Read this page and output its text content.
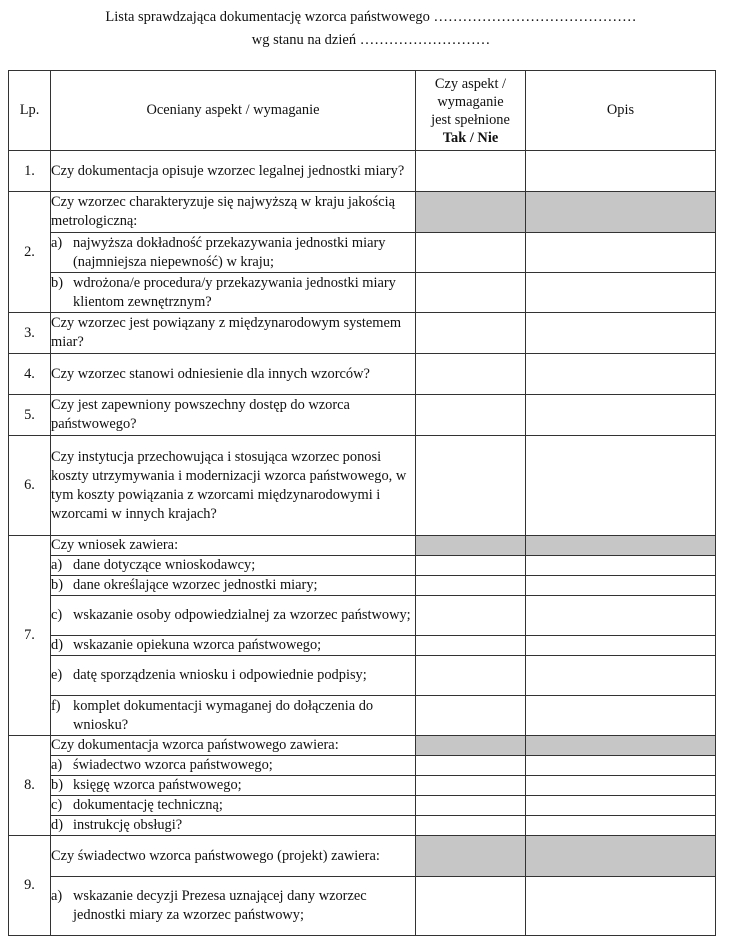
Lista sprawdzająca dokumentację wzorca państwowego ……………………………………
wg stanu na dzień ………………………
Lp.	Oceniany aspekt / wymaganie	Czy aspekt /
wymaganie
jest spełnione
Tak / Nie	Opis
1.	Czy dokumentacja opisuje wzorzec legalnej jednostki miary?		
2.	Czy wzorzec charakteryzuje się najwyższą w kraju jakością metrologiczną:		

	a) najwyższa dokładność przekazywania jednostki miary (najmniejsza niepewność) w kraju;		

	b) wdrożona/e procedura/y przekazywania jednostki miary klientom zewnętrznym?		

3.	Czy wzorzec jest powiązany z międzynarodowym systemem miar?		
4.	Czy wzorzec stanowi odniesienie dla innych wzorców?		
5.	Czy jest zapewniony powszechny dostęp do wzorca państwowego?		
6.	Czy instytucja przechowująca i stosująca wzorzec ponosi koszty utrzymywania i modernizacji wzorca państwowego, w tym koszty powiązania z wzorcami międzynarodowymi i wzorcami w innych krajach?		
7.	Czy wniosek zawiera:		

	a) dane dotyczące wnioskodawcy;		

	b) dane określające wzorzec jednostki miary;		

	c) wskazanie osoby odpowiedzialnej za wzorzec państwowy;		

	d) wskazanie opiekuna wzorca państwowego;		

	e) datę sporządzenia wniosku i odpowiednie podpisy;		

	f) komplet dokumentacji wymaganej do dołączenia do wniosku?		

8.	Czy dokumentacja wzorca państwowego zawiera:		

	a) świadectwo wzorca państwowego;		

	b) księgę wzorca państwowego;		

	c) dokumentację techniczną;		

	d) instrukcję obsługi?		

9.	Czy świadectwo wzorca państwowego (projekt) zawiera:		

	a) wskazanie decyzji Prezesa uznającej dany wzorzec jednostki miary za wzorzec państwowy;		
